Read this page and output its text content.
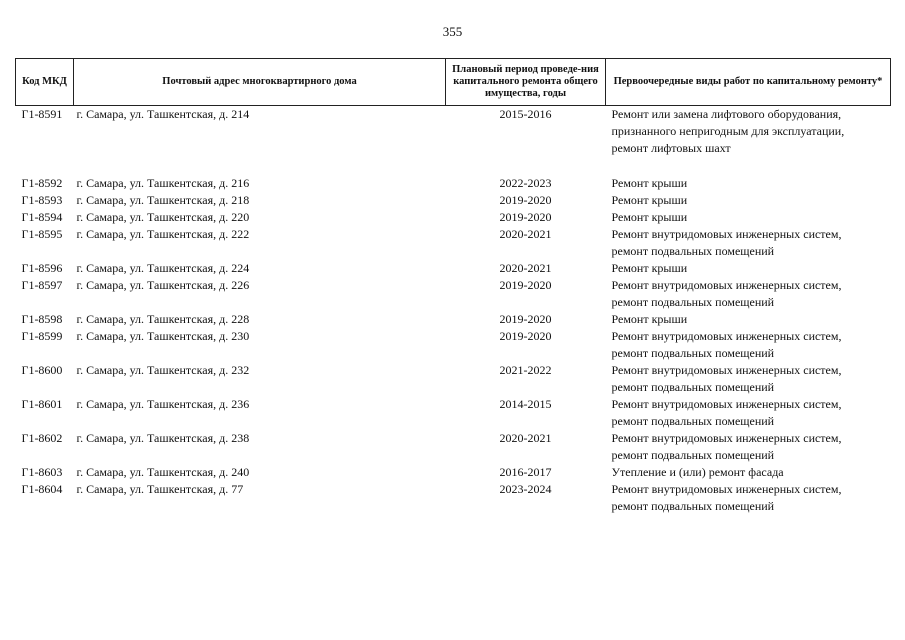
355
Код МКД	Почтовый адрес многоквартирного дома	Плановый период проведе-ния капитального ремонта общего имущества, годы	Первоочередные виды работ по капитальному ремонту*
Г1-8591	г. Самара, ул. Ташкентская, д. 214	2015-2016	Ремонт или замена лифтового оборудования,
признанного непригодным для эксплуатации,
ремонт лифтовых шахт

Г1-8592	г. Самара, ул. Ташкентская, д. 216	2022-2023	Ремонт крыши

Г1-8593	г. Самара, ул. Ташкентская, д. 218	2019-2020	Ремонт крыши

Г1-8594	г. Самара, ул. Ташкентская, д. 220	2019-2020	Ремонт крыши

Г1-8595	г. Самара, ул. Ташкентская, д. 222	2020-2021	Ремонт внутридомовых инженерных систем,
ремонт подвальных помещений

Г1-8596	г. Самара, ул. Ташкентская, д. 224	2020-2021	Ремонт крыши

Г1-8597	г. Самара, ул. Ташкентская, д. 226	2019-2020	Ремонт внутридомовых инженерных систем,
ремонт подвальных помещений

Г1-8598	г. Самара, ул. Ташкентская, д. 228	2019-2020	Ремонт крыши

Г1-8599	г. Самара, ул. Ташкентская, д. 230	2019-2020	Ремонт внутридомовых инженерных систем,
ремонт подвальных помещений

Г1-8600	г. Самара, ул. Ташкентская, д. 232	2021-2022	Ремонт внутридомовых инженерных систем,
ремонт подвальных помещений

Г1-8601	г. Самара, ул. Ташкентская, д. 236	2014-2015	Ремонт внутридомовых инженерных систем,
ремонт подвальных помещений

Г1-8602	г. Самара, ул. Ташкентская, д. 238	2020-2021	Ремонт внутридомовых инженерных систем,
ремонт подвальных помещений

Г1-8603	г. Самара, ул. Ташкентская, д. 240	2016-2017	Утепление и (или) ремонт фасада

Г1-8604	г. Самара, ул. Ташкентская, д. 77	2023-2024	Ремонт внутридомовых инженерных систем,
ремонт подвальных помещений
